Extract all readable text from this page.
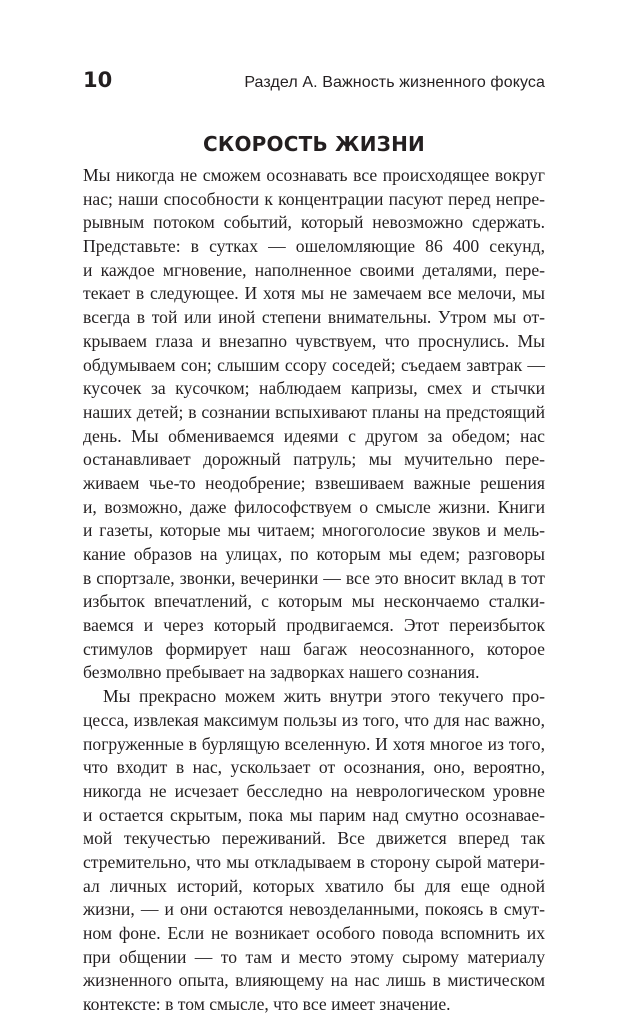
10	Раздел А. Важность жизненного фокуса
СКОРОСТЬ ЖИЗНИ
Мы никогда не сможем осознавать все происходящее вокруг
нас; наши способности к концентрации пасуют перед непре-
рывным потоком событий, который невозможно сдержать.
Представьте: в сутках — ошеломляющие 86 400 секунд,
и каждое мгновение, наполненное своими деталями, пере-
текает в следующее. И хотя мы не замечаем все мелочи, мы
всегда в той или иной степени внимательны. Утром мы от-
крываем глаза и внезапно чувствуем, что проснулись. Мы
обдумываем сон; слышим ссору соседей; съедаем завтрак —
кусочек за кусочком; наблюдаем капризы, смех и стычки
наших детей; в сознании вспыхивают планы на предстоящий
день. Мы обмениваемся идеями с другом за обедом; нас
останавливает дорожный патруль; мы мучительно пере-
живаем чье-то неодобрение; взвешиваем важные решения
и, возможно, даже философствуем о смысле жизни. Книги
и газеты, которые мы читаем; многоголосие звуков и мель-
кание образов на улицах, по которым мы едем; разговоры
в спортзале, звонки, вечеринки — все это вносит вклад в тот
избыток впечатлений, с которым мы нескончаемо сталки-
ваемся и через который продвигаемся. Этот переизбыток
стимулов формирует наш багаж неосознанного, которое
безмолвно пребывает на задворках нашего сознания.
Мы прекрасно можем жить внутри этого текучего про-
цесса, извлекая максимум пользы из того, что для нас важно,
погруженные в бурлящую вселенную. И хотя многое из того,
что входит в нас, ускользает от осознания, оно, вероятно,
никогда не исчезает бесследно на неврологическом уровне
и остается скрытым, пока мы парим над смутно осознавае-
мой текучестью переживаний. Все движется вперед так
стремительно, что мы откладываем в сторону сырой матери-
ал личных историй, которых хватило бы для еще одной
жизни, — и они остаются невозделанными, покоясь в смут-
ном фоне. Если не возникает особого повода вспомнить их
при общении — то там и место этому сырому материалу
жизненного опыта, влияющему на нас лишь в мистическом
контексте: в том смысле, что все имеет значение.
